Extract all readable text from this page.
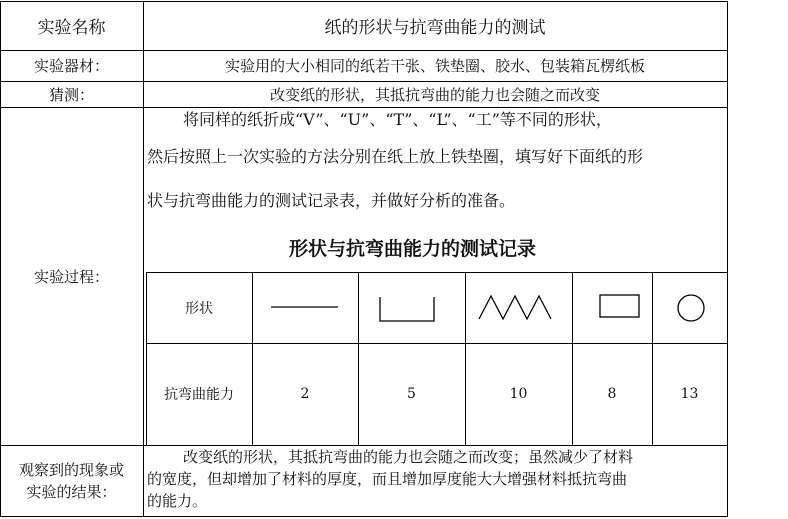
实验名称	纸的形状与抗弯曲能力的测试
实验器材：	实验用的大小相同的纸若干张、铁垫圈、胶水、包装箱瓦楞纸板
猜测：	改变纸的形状，其抵抗弯曲的能力也会随之而改变
实验过程：
将同样的纸折成“V”、“U”、“T”、“L”、“工”等不同的形状，
然后按照上一次实验的方法分别在纸上放上铁垫圈，填写好下面纸的形
状与抗弯曲能力的测试记录表，并做好分析的准备。
形状与抗弯曲能力的测试记录
形状
抗弯曲能力	2	5	10	8	13
观察到的现象或
实验的结果：
改变纸的形状，其抵抗弯曲的能力也会随之而改变；虽然减少了材料
的宽度，但却增加了材料的厚度，而且增加厚度能大大增强材料抵抗弯曲
的能力。
